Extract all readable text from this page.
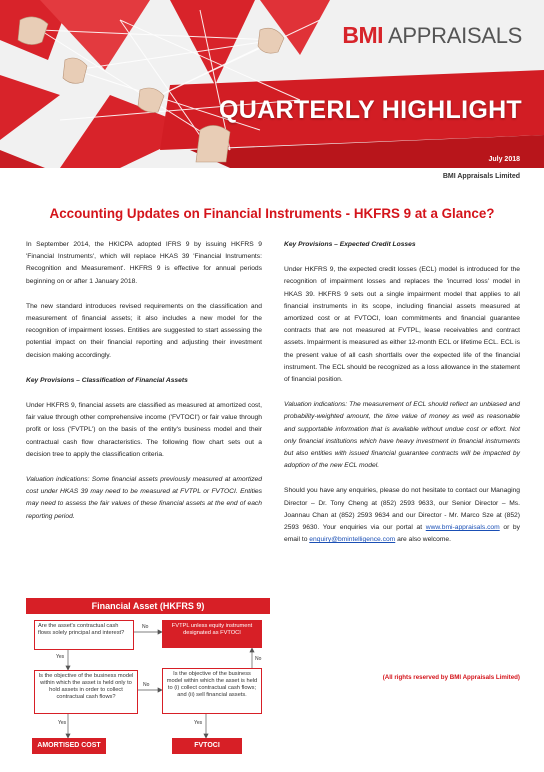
BMI APPRAISALS
QUARTERLY HIGHLIGHT
July 2018
BMI Appraisals Limited
Accounting Updates on Financial Instruments - HKFRS 9 at a Glance?

In September 2014, the HKICPA adopted IFRS 9 by issuing HKFRS 9 'Financial Instruments', which will replace HKAS 39 'Financial Instruments: Recognition and Measurement'. HKFRS 9 is effective for annual periods beginning on or after 1 January 2018.

The new standard introduces revised requirements on the classification and measurement of financial assets; it also includes a new model for the recognition of impairment losses. Entities are suggested to start assessing the potential impact on their financial reporting and adjusting their investment decision making accordingly.

Key Provisions – Classification of Financial Assets

Under HKFRS 9, financial assets are classified as measured at amortized cost, fair value through other comprehensive income ('FVTOCI') or fair value through profit or loss ('FVTPL') on the basis of the entity's business model and their contractual cash flow characteristics. The following flow chart sets out a decision tree to apply the classification criteria.

Valuation indications: Some financial assets previously measured at amortized cost under HKAS 39 may need to be measured at FVTPL or FVTOCI. Entities may need to assess the fair values of these financial assets at the end of each reporting period.

Financial Asset (HKFRS 9)
Are the asset's contractual cash flows solely principal and interest?
No	FVTPL unless equity instrument designated as FVTOCI
Yes
Is the objective of the business model within which the asset is held only to hold assets in order to collect contractual cash flows?
No
Is the objective of the business model within which the asset is held to (i) collect contractual cash flows; and (ii) sell financial assets.
No
Yes	Yes
AMORTISED COST	FVTOCI

Key Provisions – Expected Credit Losses

Under HKFRS 9, the expected credit losses (ECL) model is introduced for the recognition of impairment losses and replaces the 'incurred loss' model in HKAS 39. HKFRS 9 sets out a single impairment model that applies to all financial instruments in its scope, including financial assets measured at amortized cost or at FVTOCI, loan commitments and financial guarantee contracts that are not measured at FVTPL, lease receivables and contract assets. Impairment is measured as either 12-month ECL or lifetime ECL. ECL is the present value of all cash shortfalls over the expected life of the financial instrument. The ECL should be recognized as a loss allowance in the statement of financial position.

Valuation indications: The measurement of ECL should reflect an unbiased and probability-weighted amount, the time value of money as well as reasonable and supportable information that is available without undue cost or effort. Not only financial institutions which have heavy investment in financial instruments but also entities with issued financial guarantee contracts will be impacted by adoption of the new ECL model.

Should you have any enquiries, please do not hesitate to contact our Managing Director – Dr. Tony Cheng at (852) 2593 9633, our Senior Director – Ms. Joannau Chan at (852) 2593 9634 and our Director - Mr. Marco Sze at (852) 2593 9630. Your enquiries via our portal at www.bmi-appraisals.com or by email to enquiry@bmintelligence.com are also welcome.

(All rights reserved by BMI Appraisals Limited)
